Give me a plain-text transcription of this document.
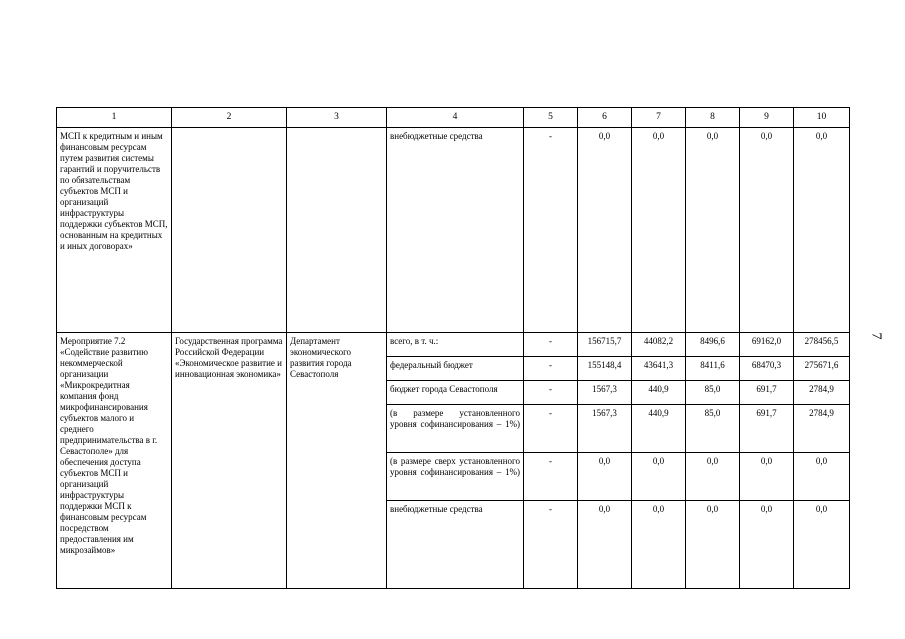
1	2	3	4	5	6	7	8	9	10
МСП к кредитным и иным финансовым ресурсам путем развития системы гарантий и поручительств по обязательствам субъектов МСП и организаций инфраструктуры поддержки субъектов МСП, основанным на кредитных и иных договорах»			внебюджетные средства	-	0,0	0,0	0,0	0,0	0,0
Мероприятие 7.2 «Содействие развитию некоммерческой организации «Микрокредитная компания фонд микрофинансирования субъектов малого и среднего предпринимательства в г. Севастополе» для обеспечения доступа субъектов МСП и организаций инфраструктуры поддержки МСП к финансовым ресурсам посредством предоставления им микрозаймов»	Государственная программа Российской Федерации «Экономическое развитие и инновационная экономика»	Департамент экономического развития города Севастополя	всего, в т. ч.:	-	156715,7	44082,2	8496,6	69162,0	278456,5
			федеральный бюджет	-	155148,4	43641,3	8411,6	68470,3	275671,6
			бюджет города Севастополя	-	1567,3	440,9	85,0	691,7	2784,9
			(в размере установленного уровня софинансирования – 1%)	-	1567,3	440,9	85,0	691,7	2784,9
			(в размере сверх установленного уровня софинансирования – 1%)	-	0,0	0,0	0,0	0,0	0,0
			внебюджетные средства	-	0,0	0,0	0,0	0,0	0,0
7
